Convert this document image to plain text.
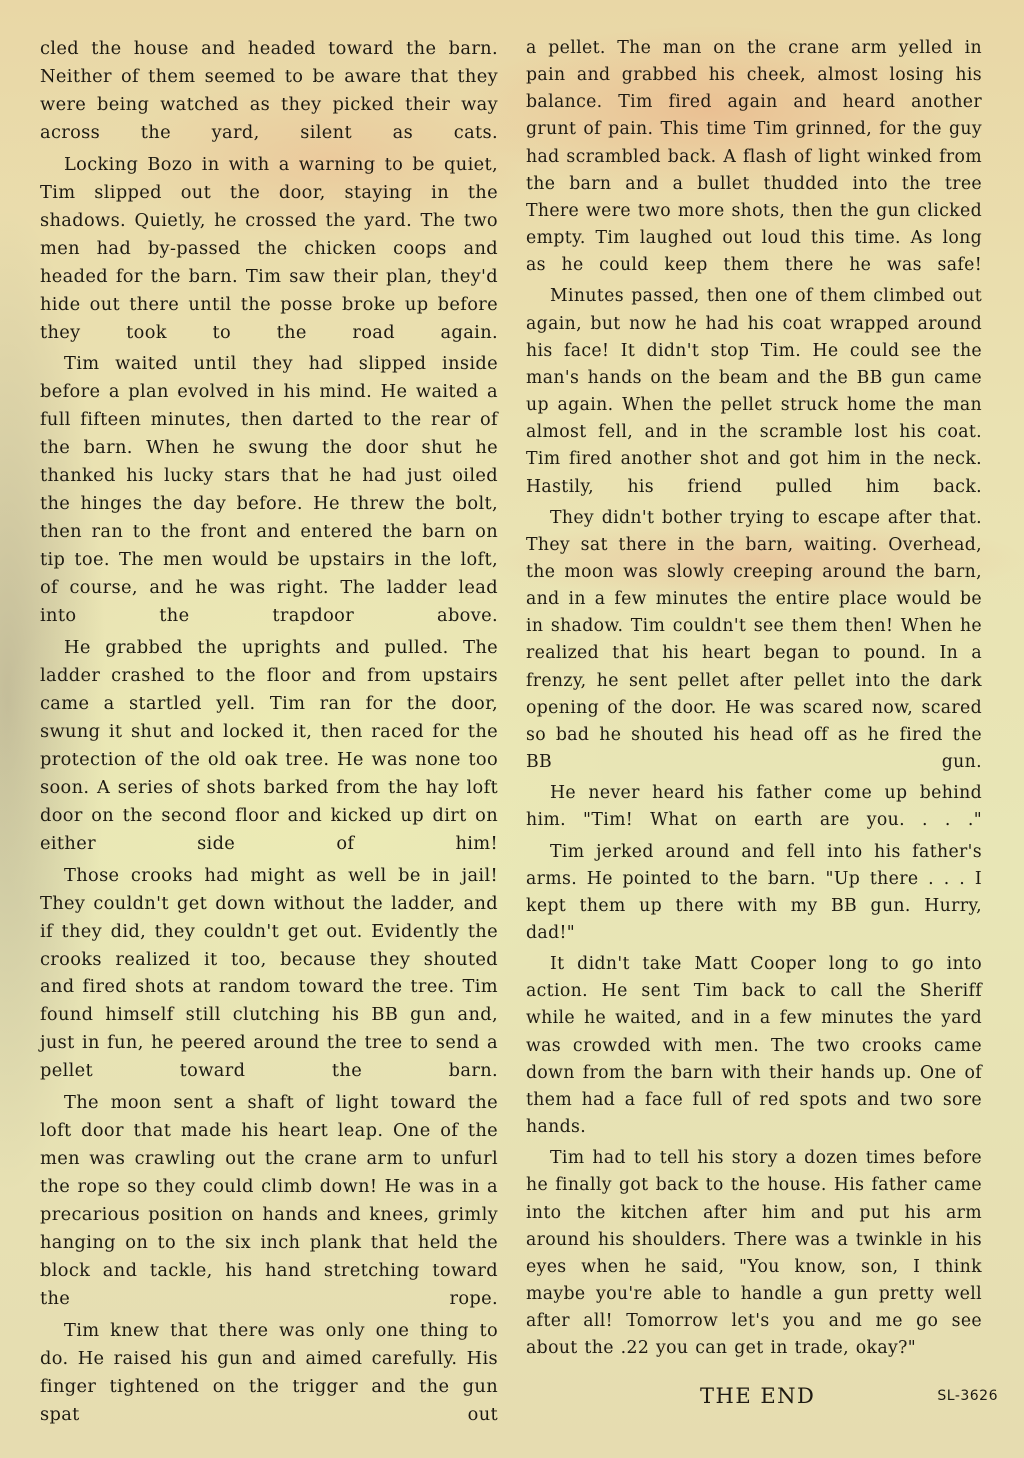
cled the house and headed toward the barn. Neither of them seemed to be aware that they were being watched as they picked their way across the yard, silent as cats.

Locking Bozo in with a warning to be quiet, Tim slipped out the door, staying in the shadows. Quietly, he crossed the yard. The two men had by-passed the chicken coops and headed for the barn. Tim saw their plan, they'd hide out there until the posse broke up before they took to the road again.

Tim waited until they had slipped inside before a plan evolved in his mind. He waited a full fifteen minutes, then darted to the rear of the barn. When he swung the door shut he thanked his lucky stars that he had just oiled the hinges the day before. He threw the bolt, then ran to the front and entered the barn on tip toe. The men would be upstairs in the loft, of course, and he was right. The ladder lead into the trapdoor above.

He grabbed the uprights and pulled. The ladder crashed to the floor and from upstairs came a startled yell. Tim ran for the door, swung it shut and locked it, then raced for the protection of the old oak tree. He was none too soon. A series of shots barked from the hay loft door on the second floor and kicked up dirt on either side of him!

Those crooks had might as well be in jail! They couldn't get down without the ladder, and if they did, they couldn't get out. Evidently the crooks realized it too, because they shouted and fired shots at random toward the tree. Tim found himself still clutching his BB gun and, just in fun, he peered around the tree to send a pellet toward the barn.

The moon sent a shaft of light toward the loft door that made his heart leap. One of the men was crawling out the crane arm to unfurl the rope so they could climb down! He was in a precarious position on hands and knees, grimly hanging on to the six inch plank that held the block and tackle, his hand stretching toward the rope.

Tim knew that there was only one thing to do. He raised his gun and aimed carefully. His finger tightened on the trigger and the gun spat out

a pellet. The man on the crane arm yelled in pain and grabbed his cheek, almost losing his balance. Tim fired again and heard another grunt of pain. This time Tim grinned, for the guy had scrambled back. A flash of light winked from the barn and a bullet thudded into the tree There were two more shots, then the gun clicked empty. Tim laughed out loud this time. As long as he could keep them there he was safe!

Minutes passed, then one of them climbed out again, but now he had his coat wrapped around his face! It didn't stop Tim. He could see the man's hands on the beam and the BB gun came up again. When the pellet struck home the man almost fell, and in the scramble lost his coat. Tim fired another shot and got him in the neck. Hastily, his friend pulled him back.

They didn't bother trying to escape after that. They sat there in the barn, waiting. Overhead, the moon was slowly creeping around the barn, and in a few minutes the entire place would be in shadow. Tim couldn't see them then! When he realized that his heart began to pound. In a frenzy, he sent pellet after pellet into the dark opening of the door. He was scared now, scared so bad he shouted his head off as he fired the BB gun.

He never heard his father come up behind him. "Tim! What on earth are you. . . ."

Tim jerked around and fell into his father's arms. He pointed to the barn. "Up there . . . I kept them up there with my BB gun. Hurry, dad!"

It didn't take Matt Cooper long to go into action. He sent Tim back to call the Sheriff while he waited, and in a few minutes the yard was crowded with men. The two crooks came down from the barn with their hands up. One of them had a face full of red spots and two sore hands.

Tim had to tell his story a dozen times before he finally got back to the house. His father came into the kitchen after him and put his arm around his shoulders. There was a twinkle in his eyes when he said, "You know, son, I think maybe you're able to handle a gun pretty well after all! Tomorrow let's you and me go see about the .22 you can get in trade, okay?"

THE END	SL-3626
